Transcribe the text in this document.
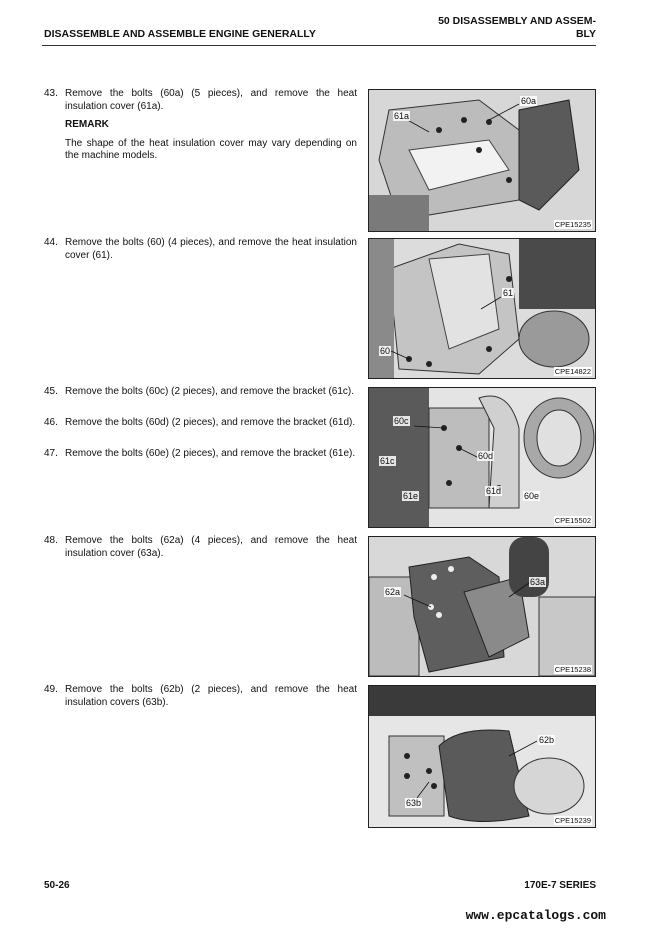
DISASSEMBLE AND ASSEMBLE ENGINE GENERALLY
50 DISASSEMBLY AND ASSEM-
BLY
43. Remove the bolts (60a) (5 pieces), and remove the heat insulation cover (61a).
REMARK
The shape of the heat insulation cover may vary depending on the machine models.
44. Remove the bolts (60) (4 pieces), and remove the heat insulation cover (61).
45. Remove the bolts (60c) (2 pieces), and remove the bracket (61c).
46. Remove the bolts (60d) (2 pieces), and remove the bracket (61d).
47. Remove the bolts (60e) (2 pieces), and remove the bracket (61e).
48. Remove the bolts (62a) (4 pieces), and remove the heat insulation cover (63a).
49. Remove the bolts (62b) (2 pieces), and remove the heat insulation covers (63b).
60a
61a
CPE15235
61
60
CPE14822
60c
61c	60d
61d
61e	60e
CPE15502
63a
62a
CPE15238
62b
63b
CPE15239
50-26	170E-7 SERIES
www.epcatalogs.com
